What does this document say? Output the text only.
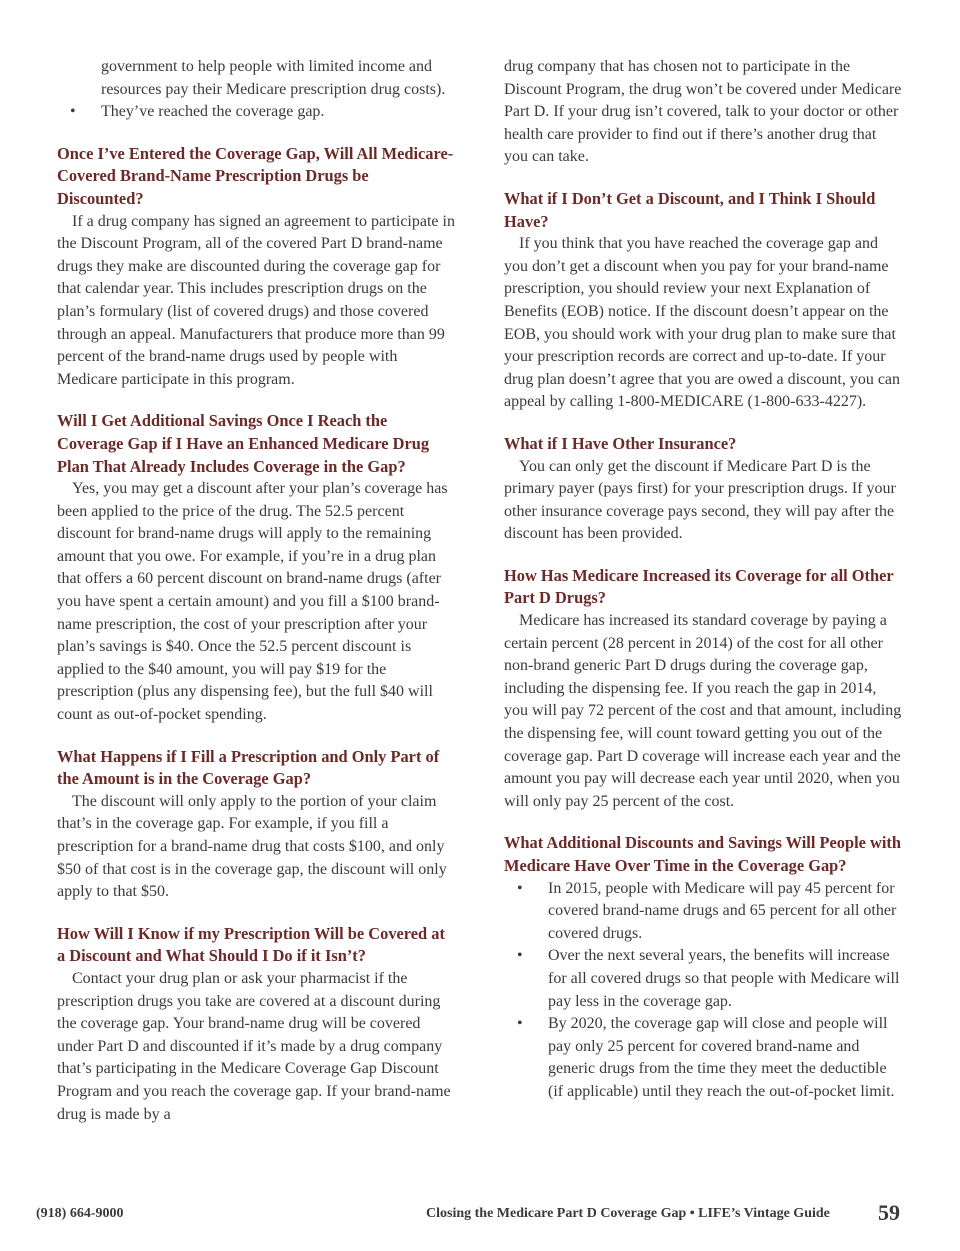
government to help people with limited income and resources pay their Medicare prescription drug costs).

• They’ve reached the coverage gap.
Once I’ve Entered the Coverage Gap, Will All Medicare-Covered Brand-Name Prescription Drugs be Discounted?

If a drug company has signed an agreement to participate in the Discount Program, all of the covered Part D brand-name drugs they make are discounted during the coverage gap for that calendar year. This includes prescription drugs on the plan’s formulary (list of covered drugs) and those covered through an appeal. Manufacturers that produce more than 99 percent of the brand-name drugs used by people with Medicare participate in this program.

Will I Get Additional Savings Once I Reach the Coverage Gap if I Have an Enhanced Medicare Drug Plan That Already Includes Coverage in the Gap?

Yes, you may get a discount after your plan’s coverage has been applied to the price of the drug. The 52.5 percent discount for brand-name drugs will apply to the remaining amount that you owe. For example, if you’re in a drug plan that offers a 60 percent discount on brand-name drugs (after you have spent a certain amount) and you fill a $100 brand-name prescription, the cost of your prescription after your plan’s savings is $40. Once the 52.5 percent discount is applied to the $40 amount, you will pay $19 for the prescription (plus any dispensing fee), but the full $40 will count as out-of-pocket spending.

What Happens if I Fill a Prescription and Only Part of the Amount is in the Coverage Gap?

The discount will only apply to the portion of your claim that’s in the coverage gap. For example, if you fill a prescription for a brand-name drug that costs $100, and only $50 of that cost is in the coverage gap, the discount will only apply to that $50.

How Will I Know if my Prescription Will be Covered at a Discount and What Should I Do if it Isn’t?

Contact your drug plan or ask your pharmacist if the prescription drugs you take are covered at a discount during the coverage gap. Your brand-name drug will be covered under Part D and discounted if it’s made by a drug company that’s participating in the Medicare Coverage Gap Discount Program and you reach the coverage gap. If your brand-name drug is made by a

drug company that has chosen not to participate in the Discount Program, the drug won’t be covered under Medicare Part D. If your drug isn’t covered, talk to your doctor or other health care provider to find out if there’s another drug that you can take.

What if I Don’t Get a Discount, and I Think I Should Have?

If you think that you have reached the coverage gap and you don’t get a discount when you pay for your brand-name prescription, you should review your next Explanation of Benefits (EOB) notice. If the discount doesn’t appear on the EOB, you should work with your drug plan to make sure that your prescription records are correct and up-to-date. If your drug plan doesn’t agree that you are owed a discount, you can appeal by calling 1-800-MEDICARE (1-800-633-4227).

What if I Have Other Insurance?

You can only get the discount if Medicare Part D is the primary payer (pays first) for your prescription drugs. If your other insurance coverage pays second, they will pay after the discount has been provided.

How Has Medicare Increased its Coverage for all Other Part D Drugs?

Medicare has increased its standard coverage by paying a certain percent (28 percent in 2014) of the cost for all other non-brand generic Part D drugs during the coverage gap, including the dispensing fee. If you reach the gap in 2014, you will pay 72 percent of the cost and that amount, including the dispensing fee, will count toward getting you out of the coverage gap. Part D coverage will increase each year and the amount you pay will decrease each year until 2020, when you will only pay 25 percent of the cost.

What Additional Discounts and Savings Will People with Medicare Have Over Time in the Coverage Gap?
• In 2015, people with Medicare will pay 45 percent for covered brand-name drugs and 65 percent for all other covered drugs.
• Over the next several years, the benefits will increase for all covered drugs so that people with Medicare will pay less in the coverage gap.
• By 2020, the coverage gap will close and people will pay only 25 percent for covered brand-name and generic drugs from the time they meet the deductible (if applicable) until they reach the out-of-pocket limit.
(918) 664-9000	Closing the Medicare Part D Coverage Gap • LIFE’s Vintage Guide 59
